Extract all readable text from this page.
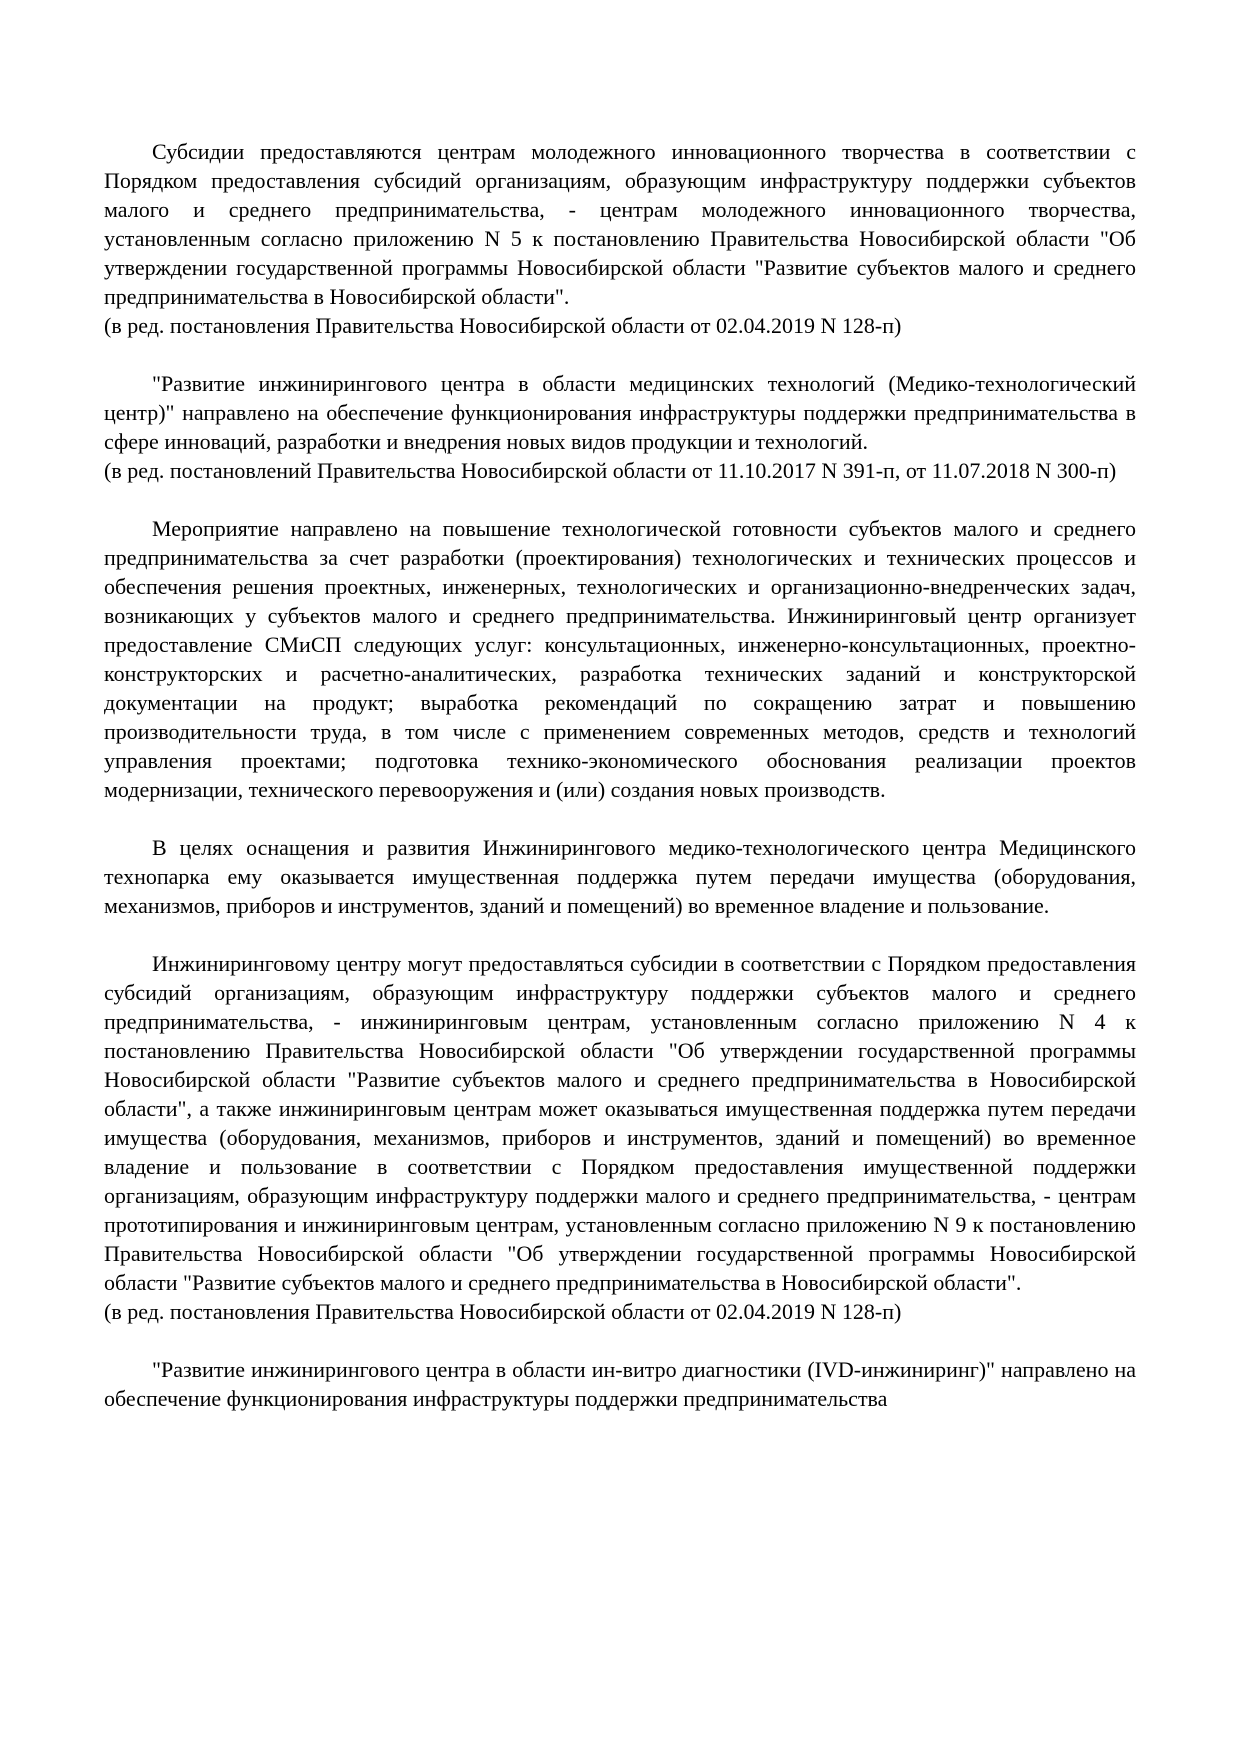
Субсидии предоставляются центрам молодежного инновационного творчества в соответствии с Порядком предоставления субсидий организациям, образующим инфраструктуру поддержки субъектов малого и среднего предпринимательства, - центрам молодежного инновационного творчества, установленным согласно приложению N 5 к постановлению Правительства Новосибирской области "Об утверждении государственной программы Новосибирской области "Развитие субъектов малого и среднего предпринимательства в Новосибирской области".

(в ред. постановления Правительства Новосибирской области от 02.04.2019 N 128-п)

"Развитие инжинирингового центра в области медицинских технологий (Медико-технологический центр)" направлено на обеспечение функционирования инфраструктуры поддержки предпринимательства в сфере инноваций, разработки и внедрения новых видов продукции и технологий.

(в ред. постановлений Правительства Новосибирской области от 11.10.2017 N 391-п, от 11.07.2018 N 300-п)

Мероприятие направлено на повышение технологической готовности субъектов малого и среднего предпринимательства за счет разработки (проектирования) технологических и технических процессов и обеспечения решения проектных, инженерных, технологических и организационно-внедренческих задач, возникающих у субъектов малого и среднего предпринимательства. Инжиниринговый центр организует предоставление СМиСП следующих услуг: консультационных, инженерно-консультационных, проектно-конструкторских и расчетно-аналитических, разработка технических заданий и конструкторской документации на продукт; выработка рекомендаций по сокращению затрат и повышению производительности труда, в том числе с применением современных методов, средств и технологий управления проектами; подготовка технико-экономического обоснования реализации проектов модернизации, технического перевооружения и (или) создания новых производств.

В целях оснащения и развития Инжинирингового медико-технологического центра Медицинского технопарка ему оказывается имущественная поддержка путем передачи имущества (оборудования, механизмов, приборов и инструментов, зданий и помещений) во временное владение и пользование.

Инжиниринговому центру могут предоставляться субсидии в соответствии с Порядком предоставления субсидий организациям, образующим инфраструктуру поддержки субъектов малого и среднего предпринимательства, - инжиниринговым центрам, установленным согласно приложению N 4 к постановлению Правительства Новосибирской области "Об утверждении государственной программы Новосибирской области "Развитие субъектов малого и среднего предпринимательства в Новосибирской области", а также инжиниринговым центрам может оказываться имущественная поддержка путем передачи имущества (оборудования, механизмов, приборов и инструментов, зданий и помещений) во временное владение и пользование в соответствии с Порядком предоставления имущественной поддержки организациям, образующим инфраструктуру поддержки малого и среднего предпринимательства, - центрам прототипирования и инжиниринговым центрам, установленным согласно приложению N 9 к постановлению Правительства Новосибирской области "Об утверждении государственной программы Новосибирской области "Развитие субъектов малого и среднего предпринимательства в Новосибирской области".

(в ред. постановления Правительства Новосибирской области от 02.04.2019 N 128-п)

"Развитие инжинирингового центра в области ин-витро диагностики (IVD-инжиниринг)" направлено на обеспечение функционирования инфраструктуры поддержки предпринимательства
